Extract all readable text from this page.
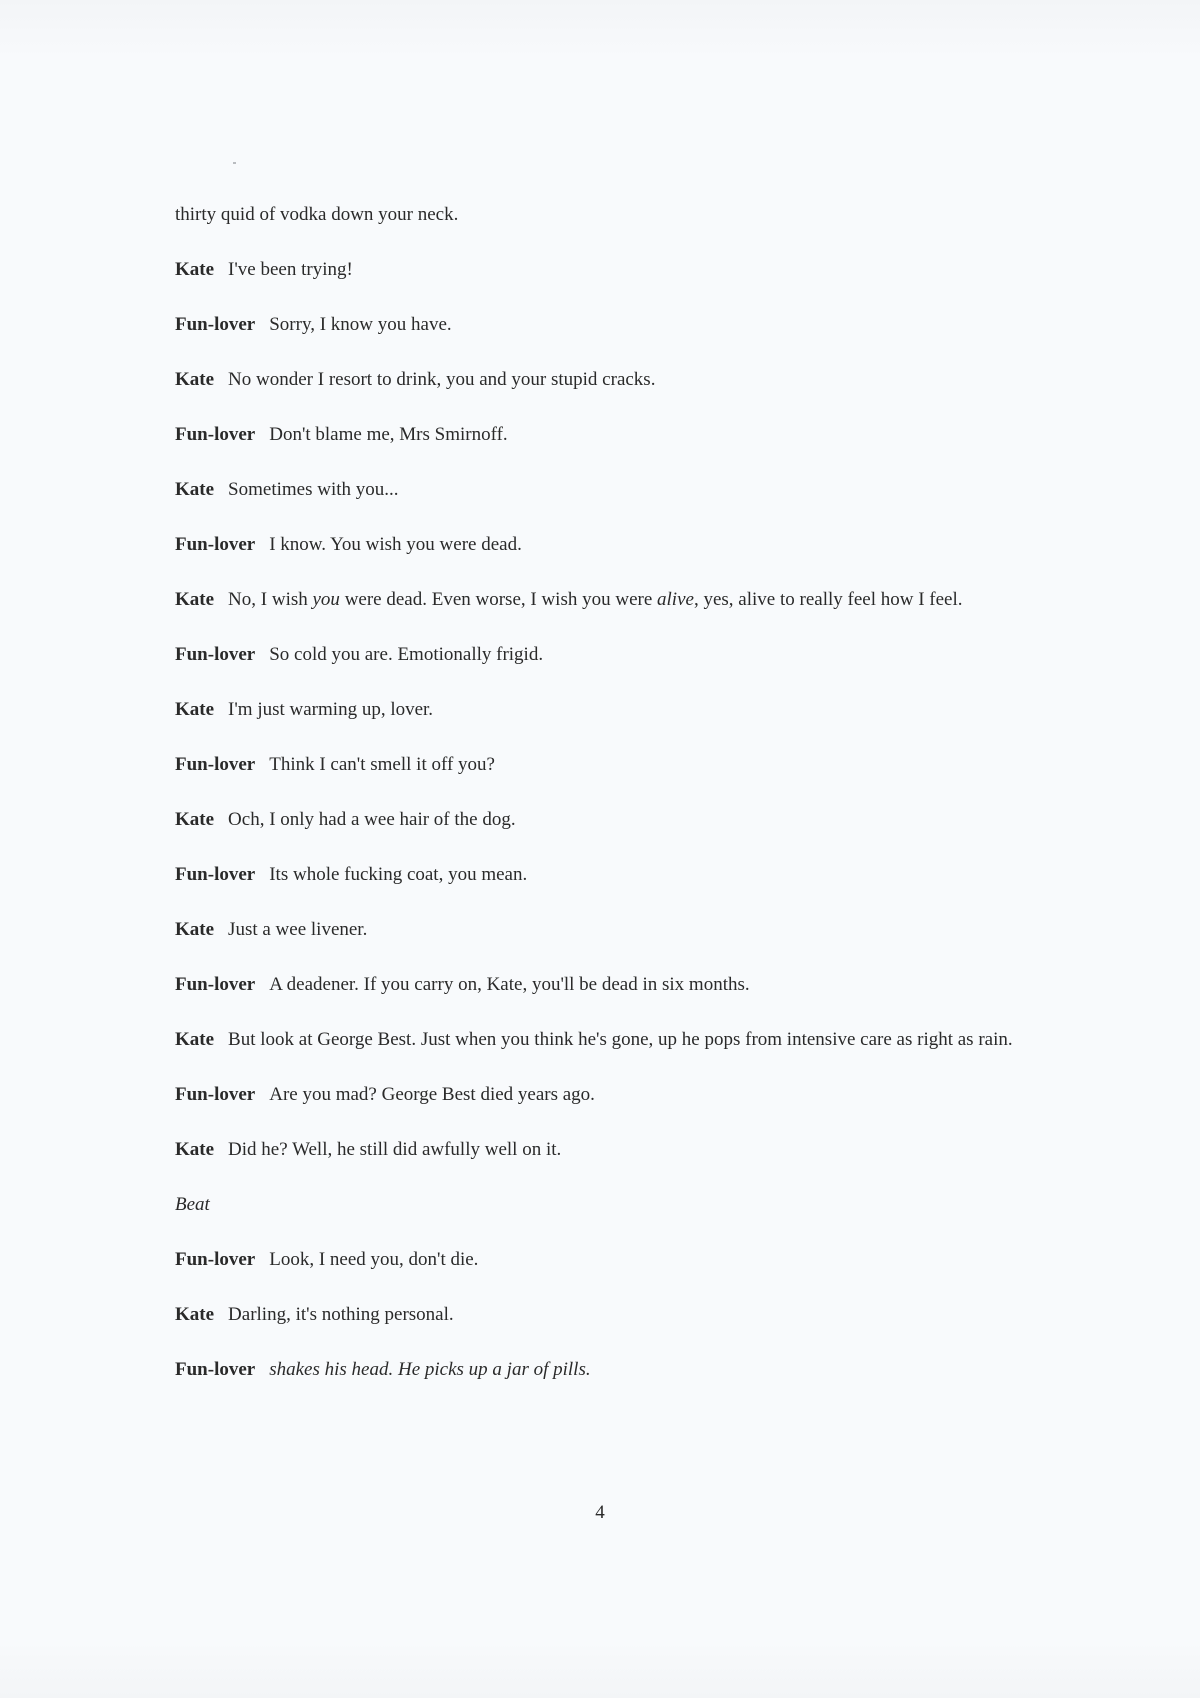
thirty quid of vodka down your neck.

Kate I've been trying!

Fun-lover Sorry, I know you have.

Kate No wonder I resort to drink, you and your stupid cracks.

Fun-lover Don't blame me, Mrs Smirnoff.

Kate Sometimes with you...

Fun-lover I know. You wish you were dead.

Kate No, I wish you were dead. Even worse, I wish you were alive, yes, alive to really feel how I feel.

Fun-lover So cold you are. Emotionally frigid.

Kate I'm just warming up, lover.

Fun-lover Think I can't smell it off you?

Kate Och, I only had a wee hair of the dog.

Fun-lover Its whole fucking coat, you mean.

Kate Just a wee livener.

Fun-lover A deadener. If you carry on, Kate, you'll be dead in six months.

Kate But look at George Best. Just when you think he's gone, up he pops from intensive care as right as rain.

Fun-lover Are you mad? George Best died years ago.

Kate Did he? Well, he still did awfully well on it.

Beat

Fun-lover Look, I need you, don't die.

Kate Darling, it's nothing personal.

Fun-lover shakes his head. He picks up a jar of pills.

4
